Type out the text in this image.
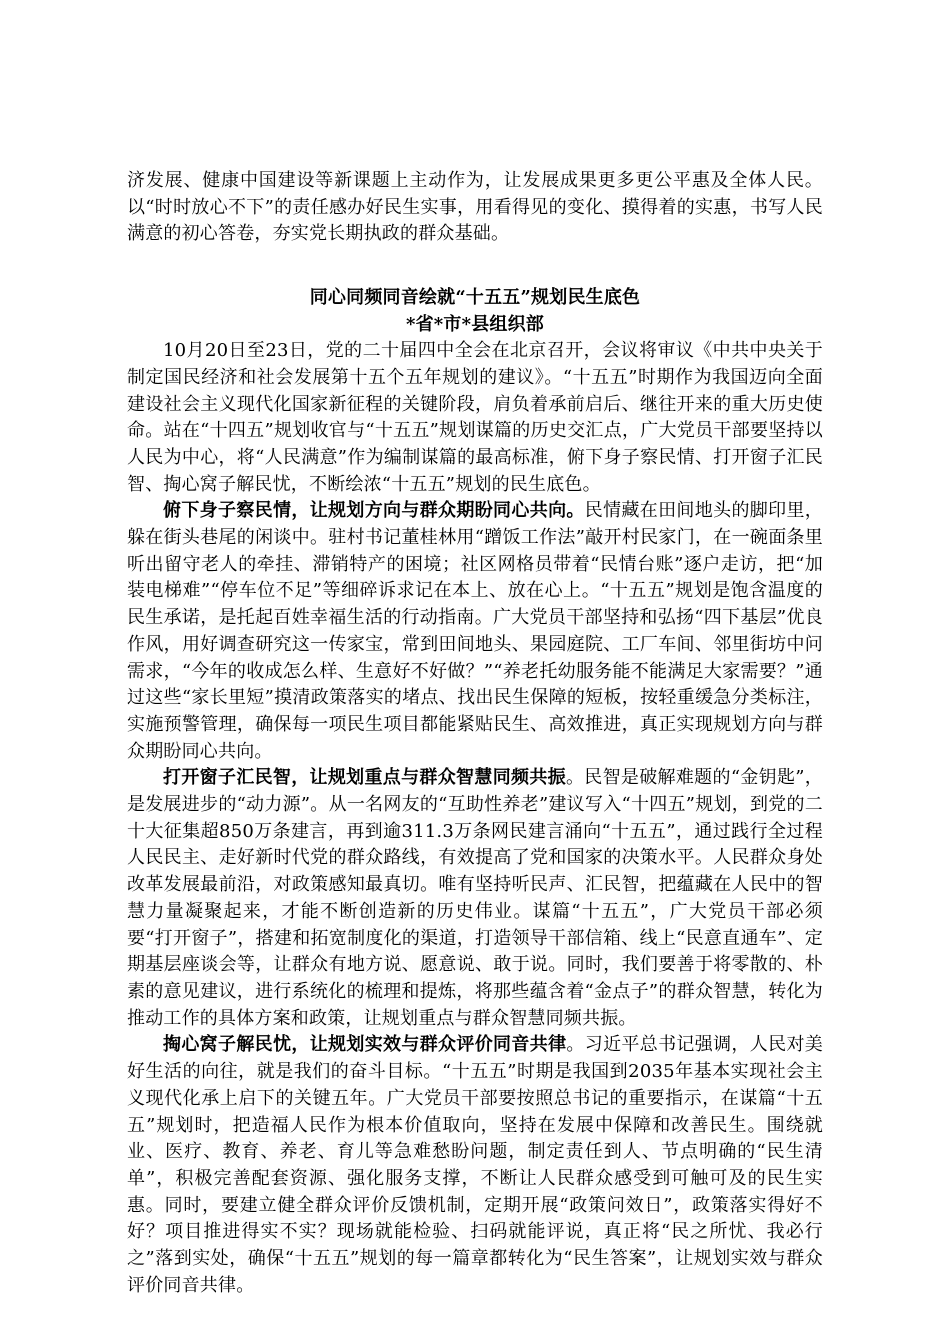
济发展、健康中国建设等新课题上主动作为，让发展成果更多更公平惠及全体人民。以“时时放心不下”的责任感办好民生实事，用看得见的变化、摸得着的实惠，书写人民满意的初心答卷，夯实党长期执政的群众基础。

同心同频同音绘就“十五五”规划民生底色
*省*市*县组织部

10月20日至23日，党的二十届四中全会在北京召开，会议将审议《中共中央关于制定国民经济和社会发展第十五个五年规划的建议》。“十五五”时期作为我国迈向全面建设社会主义现代化国家新征程的关键阶段，肩负着承前启后、继往开来的重大历史使命。站在“十四五”规划收官与“十五五”规划谋篇的历史交汇点，广大党员干部要坚持以人民为中心，将“人民满意”作为编制谋篇的最高标准，俯下身子察民情、打开窗子汇民智、掏心窝子解民忧，不断绘浓“十五五”规划的民生底色。

俯下身子察民情，让规划方向与群众期盼同心共向。民情藏在田间地头的脚印里，躲在街头巷尾的闲谈中。驻村书记董桂林用“蹭饭工作法”敲开村民家门，在一碗面条里听出留守老人的牵挂、滞销特产的困境；社区网格员带着“民情台账”逐户走访，把“加装电梯难”“停车位不足”等细碎诉求记在本上、放在心上。“十五五”规划是饱含温度的民生承诺，是托起百姓幸福生活的行动指南。广大党员干部坚持和弘扬“四下基层”优良作风，用好调查研究这一传家宝，常到田间地头、果园庭院、工厂车间、邻里街坊中问需求，“今年的收成怎么样、生意好不好做？”“养老托幼服务能不能满足大家需要？”通过这些“家长里短”摸清政策落实的堵点、找出民生保障的短板，按轻重缓急分类标注，实施预警管理，确保每一项民生项目都能紧贴民生、高效推进，真正实现规划方向与群众期盼同心共向。

打开窗子汇民智，让规划重点与群众智慧同频共振。民智是破解难题的“金钥匙”，是发展进步的“动力源”。从一名网友的“互助性养老”建议写入“十四五”规划，到党的二十大征集超850万条建言，再到逾311.3万条网民建言涌向“十五五”，通过践行全过程人民民主、走好新时代党的群众路线，有效提高了党和国家的决策水平。人民群众身处改革发展最前沿，对政策感知最真切。唯有坚持听民声、汇民智，把蕴藏在人民中的智慧力量凝聚起来，才能不断创造新的历史伟业。谋篇“十五五”，广大党员干部必须要“打开窗子”，搭建和拓宽制度化的渠道，打造领导干部信箱、线上“民意直通车”、定期基层座谈会等，让群众有地方说、愿意说、敢于说。同时，我们要善于将零散的、朴素的意见建议，进行系统化的梳理和提炼，将那些蕴含着“金点子”的群众智慧，转化为推动工作的具体方案和政策，让规划重点与群众智慧同频共振。

掏心窝子解民忧，让规划实效与群众评价同音共律。习近平总书记强调，人民对美好生活的向往，就是我们的奋斗目标。“十五五”时期是我国到2035年基本实现社会主义现代化承上启下的关键五年。广大党员干部要按照总书记的重要指示，在谋篇“十五五”规划时，把造福人民作为根本价值取向，坚持在发展中保障和改善民生。围绕就业、医疗、教育、养老、育儿等急难愁盼问题，制定责任到人、节点明确的“民生清单”，积极完善配套资源、强化服务支撑，不断让人民群众感受到可触可及的民生实惠。同时，要建立健全群众评价反馈机制，定期开展“政策问效日”，政策落实得好不好？项目推进得实不实？现场就能检验、扫码就能评说，真正将“民之所忧、我必行之”落到实处，确保“十五五”规划的每一篇章都转化为“民生答案”，让规划实效与群众评价同音共律。
